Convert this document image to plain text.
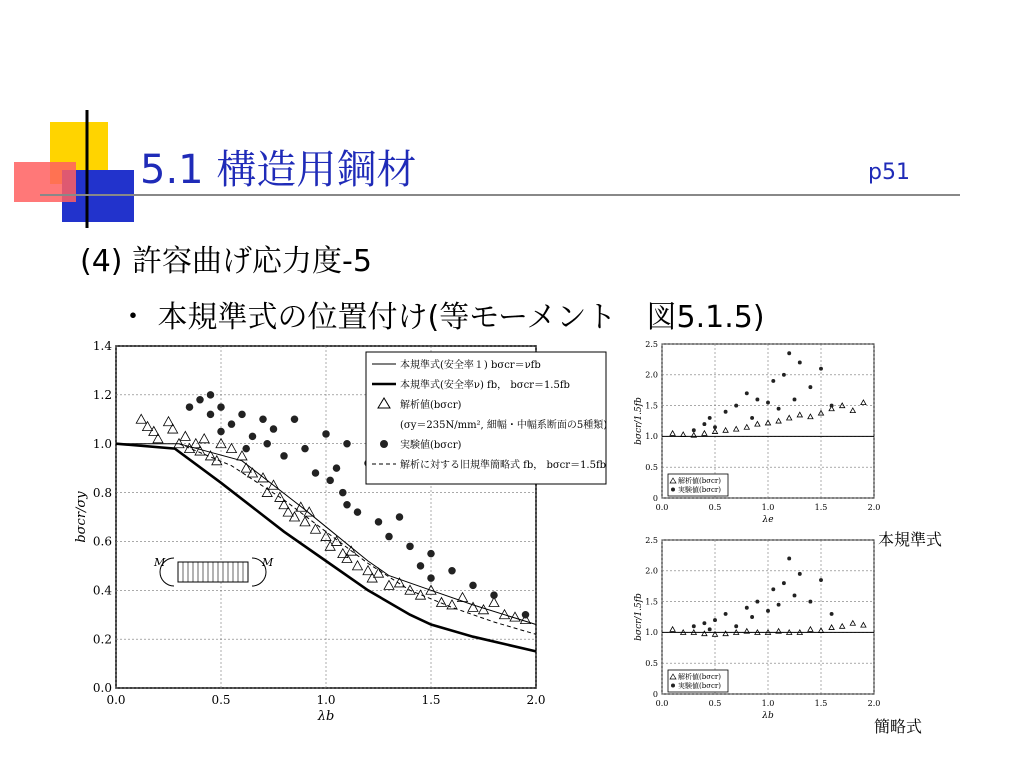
5.1 構造用鋼材	p51
(4) 許容曲げ応力度-5
・ 本規準式の位置付け(等モーメント　図5.1.5)
0.0	0.5	1.0	1.5	2.0
0.0
0.2
0.4
0.6
0.8
1.0
1.2
1.4
λb
bσcr/σy
本規準式(安全率１) bσcr＝νfb
本規準式(安全率ν) fb， bσcr＝1.5fb
解析値(bσcr)
(σy＝235N/mm², 細幅・中幅系断面の5種類)
実験値(bσcr)
解析に対する旧規準簡略式 fb， bσcr＝1.5fb
M	M
0.0	0.5	1.0	1.5	2.0
0
0.5
1.0
1.5
2.0
2.5
λe
bσcr/1.5fb
解析値(bσcr)
実験値(bσcr)
0.0	0.5	1.0	1.5	2.0
0
0.5
1.0
1.5
2.0
2.5
λb
bσcr/1.5fb
解析値(bσcr)
実験値(bσcr)
本規準式
簡略式
